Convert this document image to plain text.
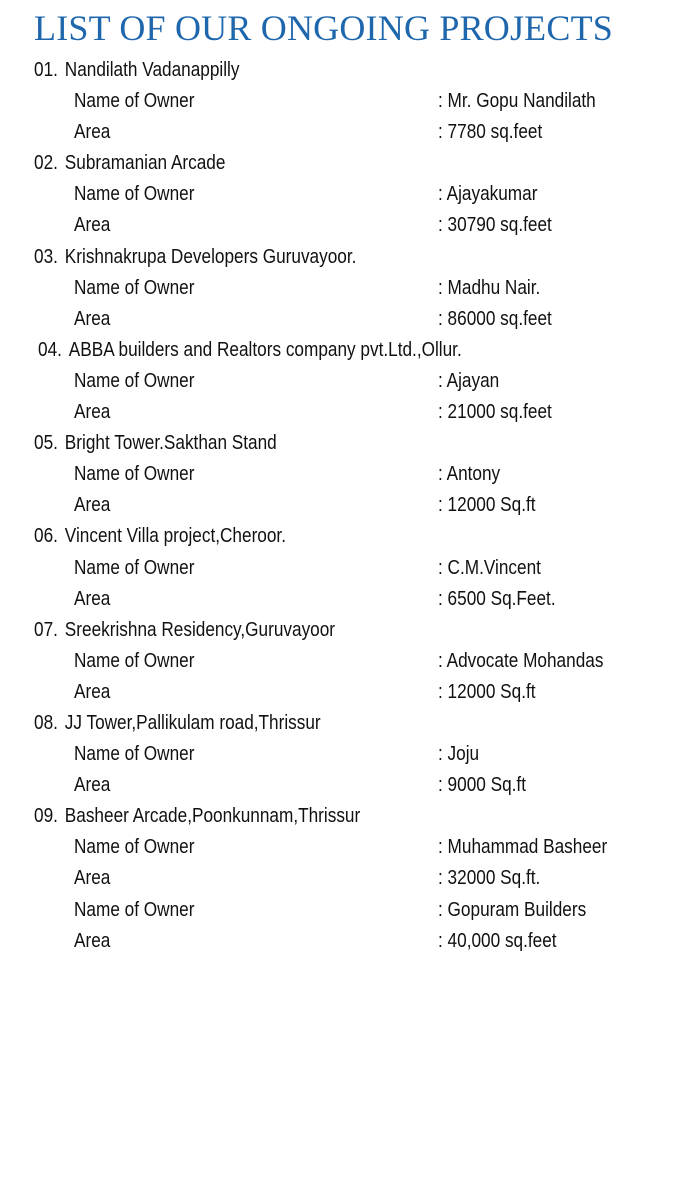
LIST OF OUR ONGOING PROJECTS
01. Nandilath Vadanappilly
Name of Owner	: Mr. Gopu Nandilath
Area	: 7780 sq.feet
02. Subramanian Arcade
Name of Owner	: Ajayakumar
Area	: 30790 sq.feet
03. Krishnakrupa Developers Guruvayoor.
Name of Owner	: Madhu Nair.
Area	: 86000 sq.feet
04. ABBA builders and Realtors company pvt.Ltd.,Ollur.
Name of Owner	: Ajayan
Area	: 21000 sq.feet
05. Bright Tower.Sakthan Stand
Name of Owner	: Antony
Area	: 12000 Sq.ft
06. Vincent Villa project,Cheroor.
Name of Owner	: C.M.Vincent
Area	: 6500 Sq.Feet.
07. Sreekrishna Residency,Guruvayoor
Name of Owner	: Advocate Mohandas
Area	: 12000 Sq.ft
08. JJ Tower,Pallikulam road,Thrissur
Name of Owner	: Joju
Area	: 9000 Sq.ft
09. Basheer Arcade,Poonkunnam,Thrissur
Name of Owner	: Muhammad Basheer
Area	: 32000 Sq.ft.
Name of Owner	: Gopuram Builders
Area	: 40,000 sq.feet
